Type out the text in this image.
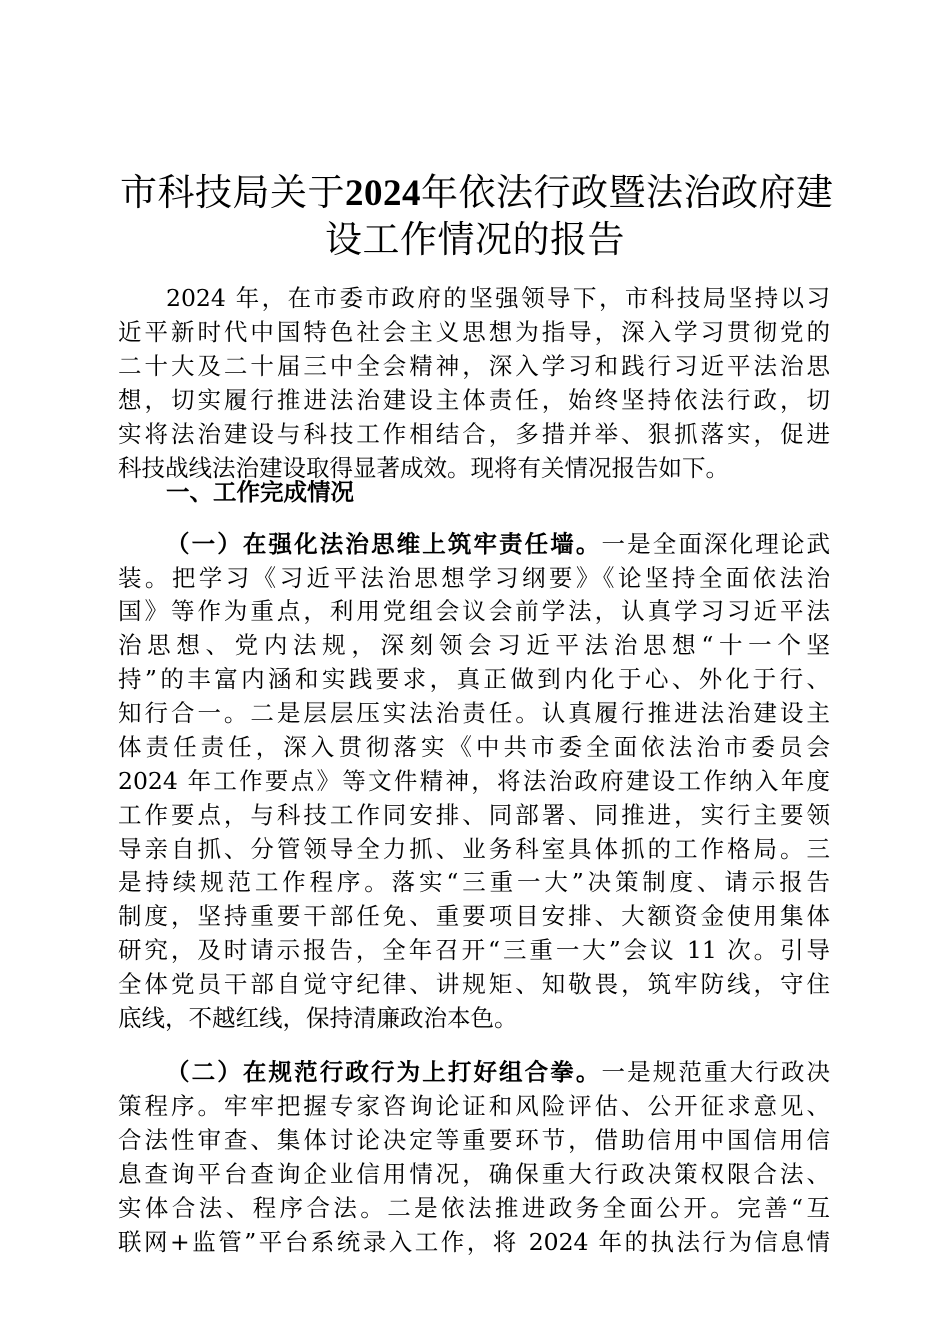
市科技局关于2024年依法行政暨法治政府建
设工作情况的报告
2024 年，在市委市政府的坚强领导下，市科技局坚持以习
近平新时代中国特色社会主义思想为指导，深入学习贯彻党的
二十大及二十届三中全会精神，深入学习和践行习近平法治思
想，切实履行推进法治建设主体责任，始终坚持依法行政，切
实将法治建设与科技工作相结合，多措并举、狠抓落实，促进
科技战线法治建设取得显著成效。现将有关情况报告如下。
一、工作完成情况
（一）在强化法治思维上筑牢责任墙。一是全面深化理论武
装。把学习《习近平法治思想学习纲要》《论坚持全面依法治
国》等作为重点，利用党组会议会前学法，认真学习习近平法
治思想、党内法规，深刻领会习近平法治思想“十一个坚
持”的丰富内涵和实践要求，真正做到内化于心、外化于行、
知行合一。二是层层压实法治责任。认真履行推进法治建设主
体责任责任，深入贯彻落实《中共市委全面依法治市委员会
2024 年工作要点》等文件精神，将法治政府建设工作纳入年度
工作要点，与科技工作同安排、同部署、同推进，实行主要领
导亲自抓、分管领导全力抓、业务科室具体抓的工作格局。三
是持续规范工作程序。落实“三重一大”决策制度、请示报告
制度，坚持重要干部任免、重要项目安排、大额资金使用集体
研究，及时请示报告，全年召开“三重一大”会议 11 次。引导
全体党员干部自觉守纪律、讲规矩、知敬畏，筑牢防线，守住
底线，不越红线，保持清廉政治本色。
（二）在规范行政行为上打好组合拳。一是规范重大行政决
策程序。牢牢把握专家咨询论证和风险评估、公开征求意见、
合法性审查、集体讨论决定等重要环节，借助信用中国信用信
息查询平台查询企业信用情况，确保重大行政决策权限合法、
实体合法、程序合法。二是依法推进政务全面公开。完善“互
联网+监管”平台系统录入工作，将 2024 年的执法行为信息情
